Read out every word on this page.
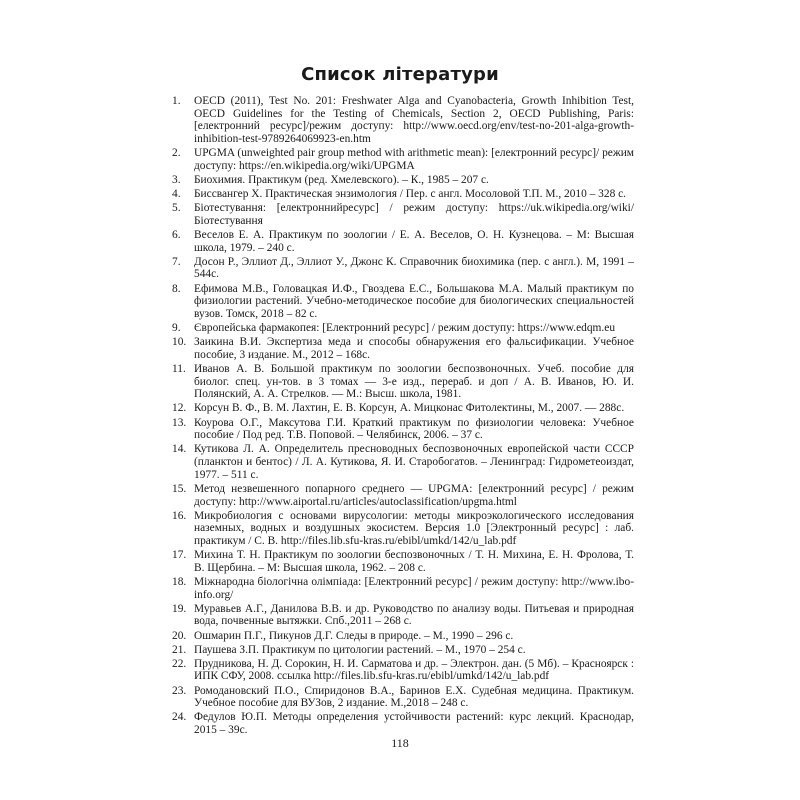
Список літератури
1.	OECD (2011), Test No. 201: Freshwater Alga and Cyanobacteria, Growth Inhibition Test, OECD Guidelines for the Testing of Chemicals, Section 2, OECD Publishing, Paris: [електронний ресурс]/режим доступу: http://www.oecd.org/env/test-no-201-alga-growth-inhibition-test-9789264069923-en.htm
2.	UPGMA (unweighted pair group method with arithmetic mean): [електронний ресурс]/ режим доступу: https://en.wikipedia.org/wiki/UPGMA
3.	Биохимия. Практикум (ред. Хмелевского). – К., 1985 – 207 с.
4.	Биссвангер Х. Практическая энзимология / Пер. с англ. Мосоловой Т.П. М., 2010 – 328 с.
5.	Біотестування: [електроннийресурс] / режим доступу: https://uk.wikipedia.org/wiki/ Біотестування
6.	Веселов Е. А. Практикум по зоологии / Е. А. Веселов, О. Н. Кузнецова. – М: Высшая школа, 1979. – 240 с.
7.	Досон Р., Эллиот Д., Эллиот У., Джонс К. Справочник биохимика (пер. с англ.). М, 1991 – 544с.
8.	Ефимова М.В., Головацкая И.Ф., Гвоздева Е.С., Большакова М.А. Малый практикум по физиологии растений. Учебно-методическое пособие для биологических специальностей вузов. Томск, 2018 – 82 с.
9.	Європейська фармакопея: [Електронний ресурс] / режим доступу: https://www.edqm.eu
10. Заикина В.И. Экспертиза меда и способы обнаружения его фальсификации. Учебное пособие, 3 издание. М., 2012 – 168с.
11. Иванов А. В. Большой практикум по зоологии беспозвоночных. Учеб. пособие для биолог. спец. ун-тов. в 3 томах — 3-е изд., перераб. и доп / А. В. Иванов, Ю. И. Полянский, А. А. Стрелков. — М.: Высш. школа, 1981.
12. Корсун В. Ф., В. М. Лахтин, Е. В. Корсун, А. Мицконас Фитолектины, М., 2007. — 288с.
13. Коурова О.Г., Максутова Г.И. Краткий практикум по физиологии человека: Учебное пособие / Под ред. Т.В. Поповой. – Челябинск, 2006. – 37 с.
14. Кутикова Л. А. Определитель пресноводных беспозвоночных европейской части СССР (планктон и бентос) / Л. А. Кутикова, Я. И. Старобогатов. – Ленинград: Гидрометеоиздат, 1977. – 511 с.
15. Метод незвешенного попарного среднего — UPGMA: [електронний ресурс] / режим доступу: http://www.aiportal.ru/articles/autoclassification/upgma.html
16. Микробиология с основами вирусологии: методы микроэкологического исследования наземных, водных и воздушных экосистем. Версия 1.0 [Электронный ресурс] : лаб. практикум / С. В. http://files.lib.sfu-kras.ru/ebibl/umkd/142/u_lab.pdf
17. Михина Т. Н. Практикум по зоологии беспозвоночных / Т. Н. Михина, Е. Н. Фролова, Т. В. Щербина. – М: Высшая школа, 1962. – 208 с.
18. Міжнародна біологічна олімпіада: [Електронний ресурс] / режим доступу: http://www.ibo-info.org/
19. Муравьев А.Г., Данилова В.В. и др. Руководство по анализу воды. Питьевая и природная вода, почвенные вытяжки. Спб.,2011 – 268 с.
20. Ошмарин П.Г., Пикунов Д.Г. Следы в природе. – М., 1990 – 296 с.
21. Паушева З.П. Практикум по цитологии растений. – М., 1970 – 254 с.
22. Прудникова, Н. Д. Сорокин, Н. И. Сарматова и др. – Электрон. дан. (5 Мб). – Красноярск : ИПК СФУ, 2008. ссылка http://files.lib.sfu-kras.ru/ebibl/umkd/142/u_lab.pdf
23. Ромодановский П.О., Спиридонов В.А., Баринов Е.Х. Судебная медицина. Практикум. Учебное пособие для ВУЗов, 2 издание. М.,2018 – 248 с.
24. Федулов Ю.П. Методы определения устойчивости растений: курс лекций. Краснодар, 2015 – 39с.
118
